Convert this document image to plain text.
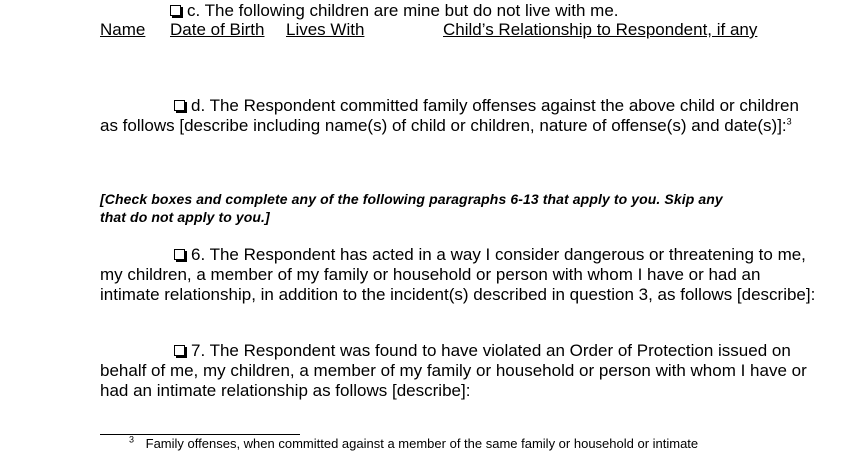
c. The following children are mine but do not live with me.
Name Date of Birth Lives With	Child’s Relationship to Respondent, if any
d. The Respondent committed family offenses against the above child or children
as follows [describe including name(s) of child or children, nature of offense(s) and date(s)]:$^3$
[Check boxes and complete any of the following paragraphs 6-13 that apply to you. Skip any
that do not apply to you.]
6. The Respondent has acted in a way I consider dangerous or threatening to me,
my children, a member of my family or household or person with whom I have or had an
intimate relationship, in addition to the incident(s) described in question 3, as follows [describe]:
7. The Respondent was found to have violated an Order of Protection issued on
behalf of me, my children, a member of my family or household or person with whom I have or
had an intimate relationship as follows [describe]:
$^3$ Family offenses, when committed against a member of the same family or household or intimate
